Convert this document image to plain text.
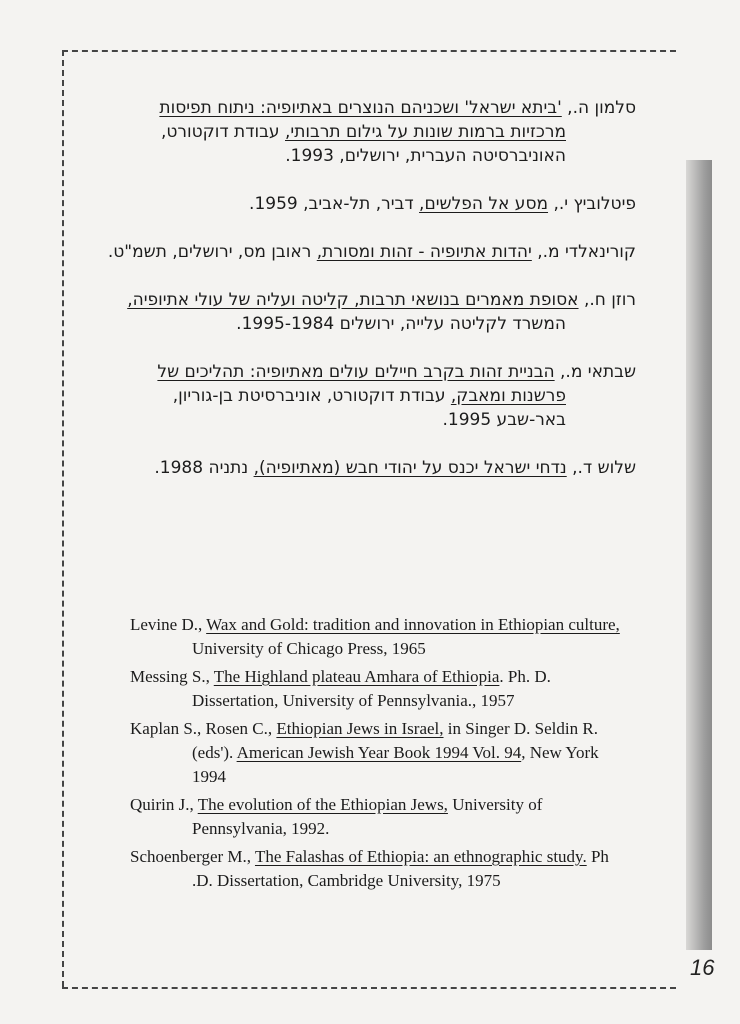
סלמון ה., 'ביתא ישראל' ושכניהם הנוצרים באתיופיה: ניתוח תפיסות מרכזיות ברמות שונות על גילום תרבותי, עבודת דוקטורט, האוניברסיטה העברית, ירושלים, 1993.

פיטלוביץ י., מסע אל הפלשים, דביר, תל-אביב, 1959.

קורינאלדי מ., יהדות אתיופיה - זהות ומסורת, ראובן מס, ירושלים, תשמ"ט.

רוזן ח., אסופת מאמרים בנושאי תרבות, קליטה ועליה של עולי אתיופיה, המשרד לקליטה עלייה, ירושלים 1995-1984.

שבתאי מ., הבניית זהות בקרב חיילים עולים מאתיופיה: תהליכים של פרשנות ומאבק, עבודת דוקטורט, אוניברסיטת בן-גוריון, באר-שבע 1995.

שלוש ד., נדחי ישראל יכנס על יהודי חבש (מאתיופיה), נתניה 1988.

Levine D., Wax and Gold: tradition and innovation in Ethiopian culture, University of Chicago Press, 1965

Messing S., The Highland plateau Amhara of Ethiopia. Ph. D. Dissertation, University of Pennsylvania., 1957

Kaplan S., Rosen C., Ethiopian Jews in Israel, in Singer D. Seldin R. (eds'). American Jewish Year Book 1994 Vol. 94, New York 1994

Quirin J., The evolution of the Ethiopian Jews, University of Pennsylvania, 1992.

Schoenberger M., The Falashas of Ethiopia: an ethnographic study. Ph .D. Dissertation, Cambridge University, 1975

16
